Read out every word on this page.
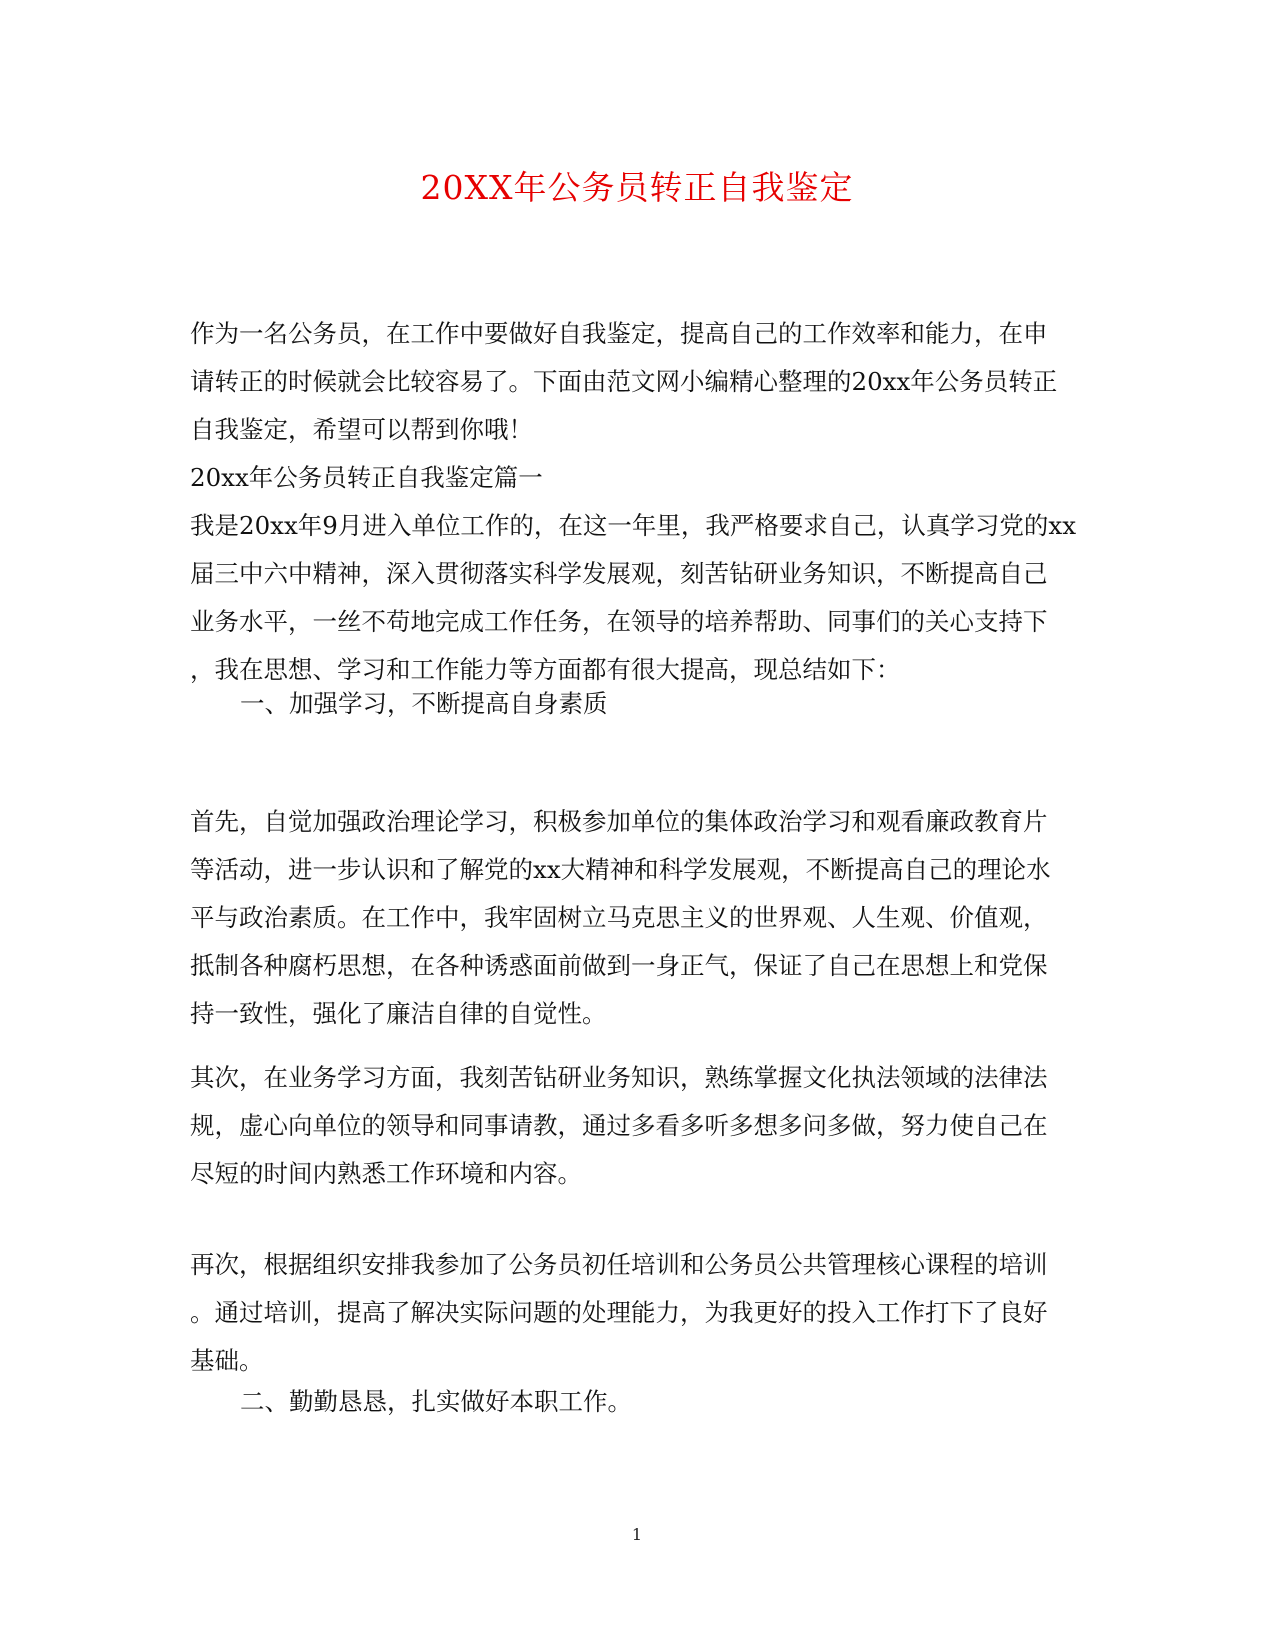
20XX年公务员转正自我鉴定
作为一名公务员，在工作中要做好自我鉴定，提高自己的工作效率和能力，在申
请转正的时候就会比较容易了。下面由范文网小编精心整理的20xx年公务员转正
自我鉴定，希望可以帮到你哦！
20xx年公务员转正自我鉴定篇一
我是20xx年9月进入单位工作的，在这一年里，我严格要求自己，认真学习党的xx
届三中六中精神，深入贯彻落实科学发展观，刻苦钻研业务知识，不断提高自己
业务水平，一丝不苟地完成工作任务，在领导的培养帮助、同事们的关心支持下
，我在思想、学习和工作能力等方面都有很大提高，现总结如下：
一、加强学习，不断提高自身素质
首先，自觉加强政治理论学习，积极参加单位的集体政治学习和观看廉政教育片
等活动，进一步认识和了解党的xx大精神和科学发展观，不断提高自己的理论水
平与政治素质。在工作中，我牢固树立马克思主义的世界观、人生观、价值观，
抵制各种腐朽思想，在各种诱惑面前做到一身正气，保证了自己在思想上和党保
持一致性，强化了廉洁自律的自觉性。
其次，在业务学习方面，我刻苦钻研业务知识，熟练掌握文化执法领域的法律法
规，虚心向单位的领导和同事请教，通过多看多听多想多问多做，努力使自己在
尽短的时间内熟悉工作环境和内容。
再次，根据组织安排我参加了公务员初任培训和公务员公共管理核心课程的培训
。通过培训，提高了解决实际问题的处理能力，为我更好的投入工作打下了良好
基础。
二、勤勤恳恳，扎实做好本职工作。
1
